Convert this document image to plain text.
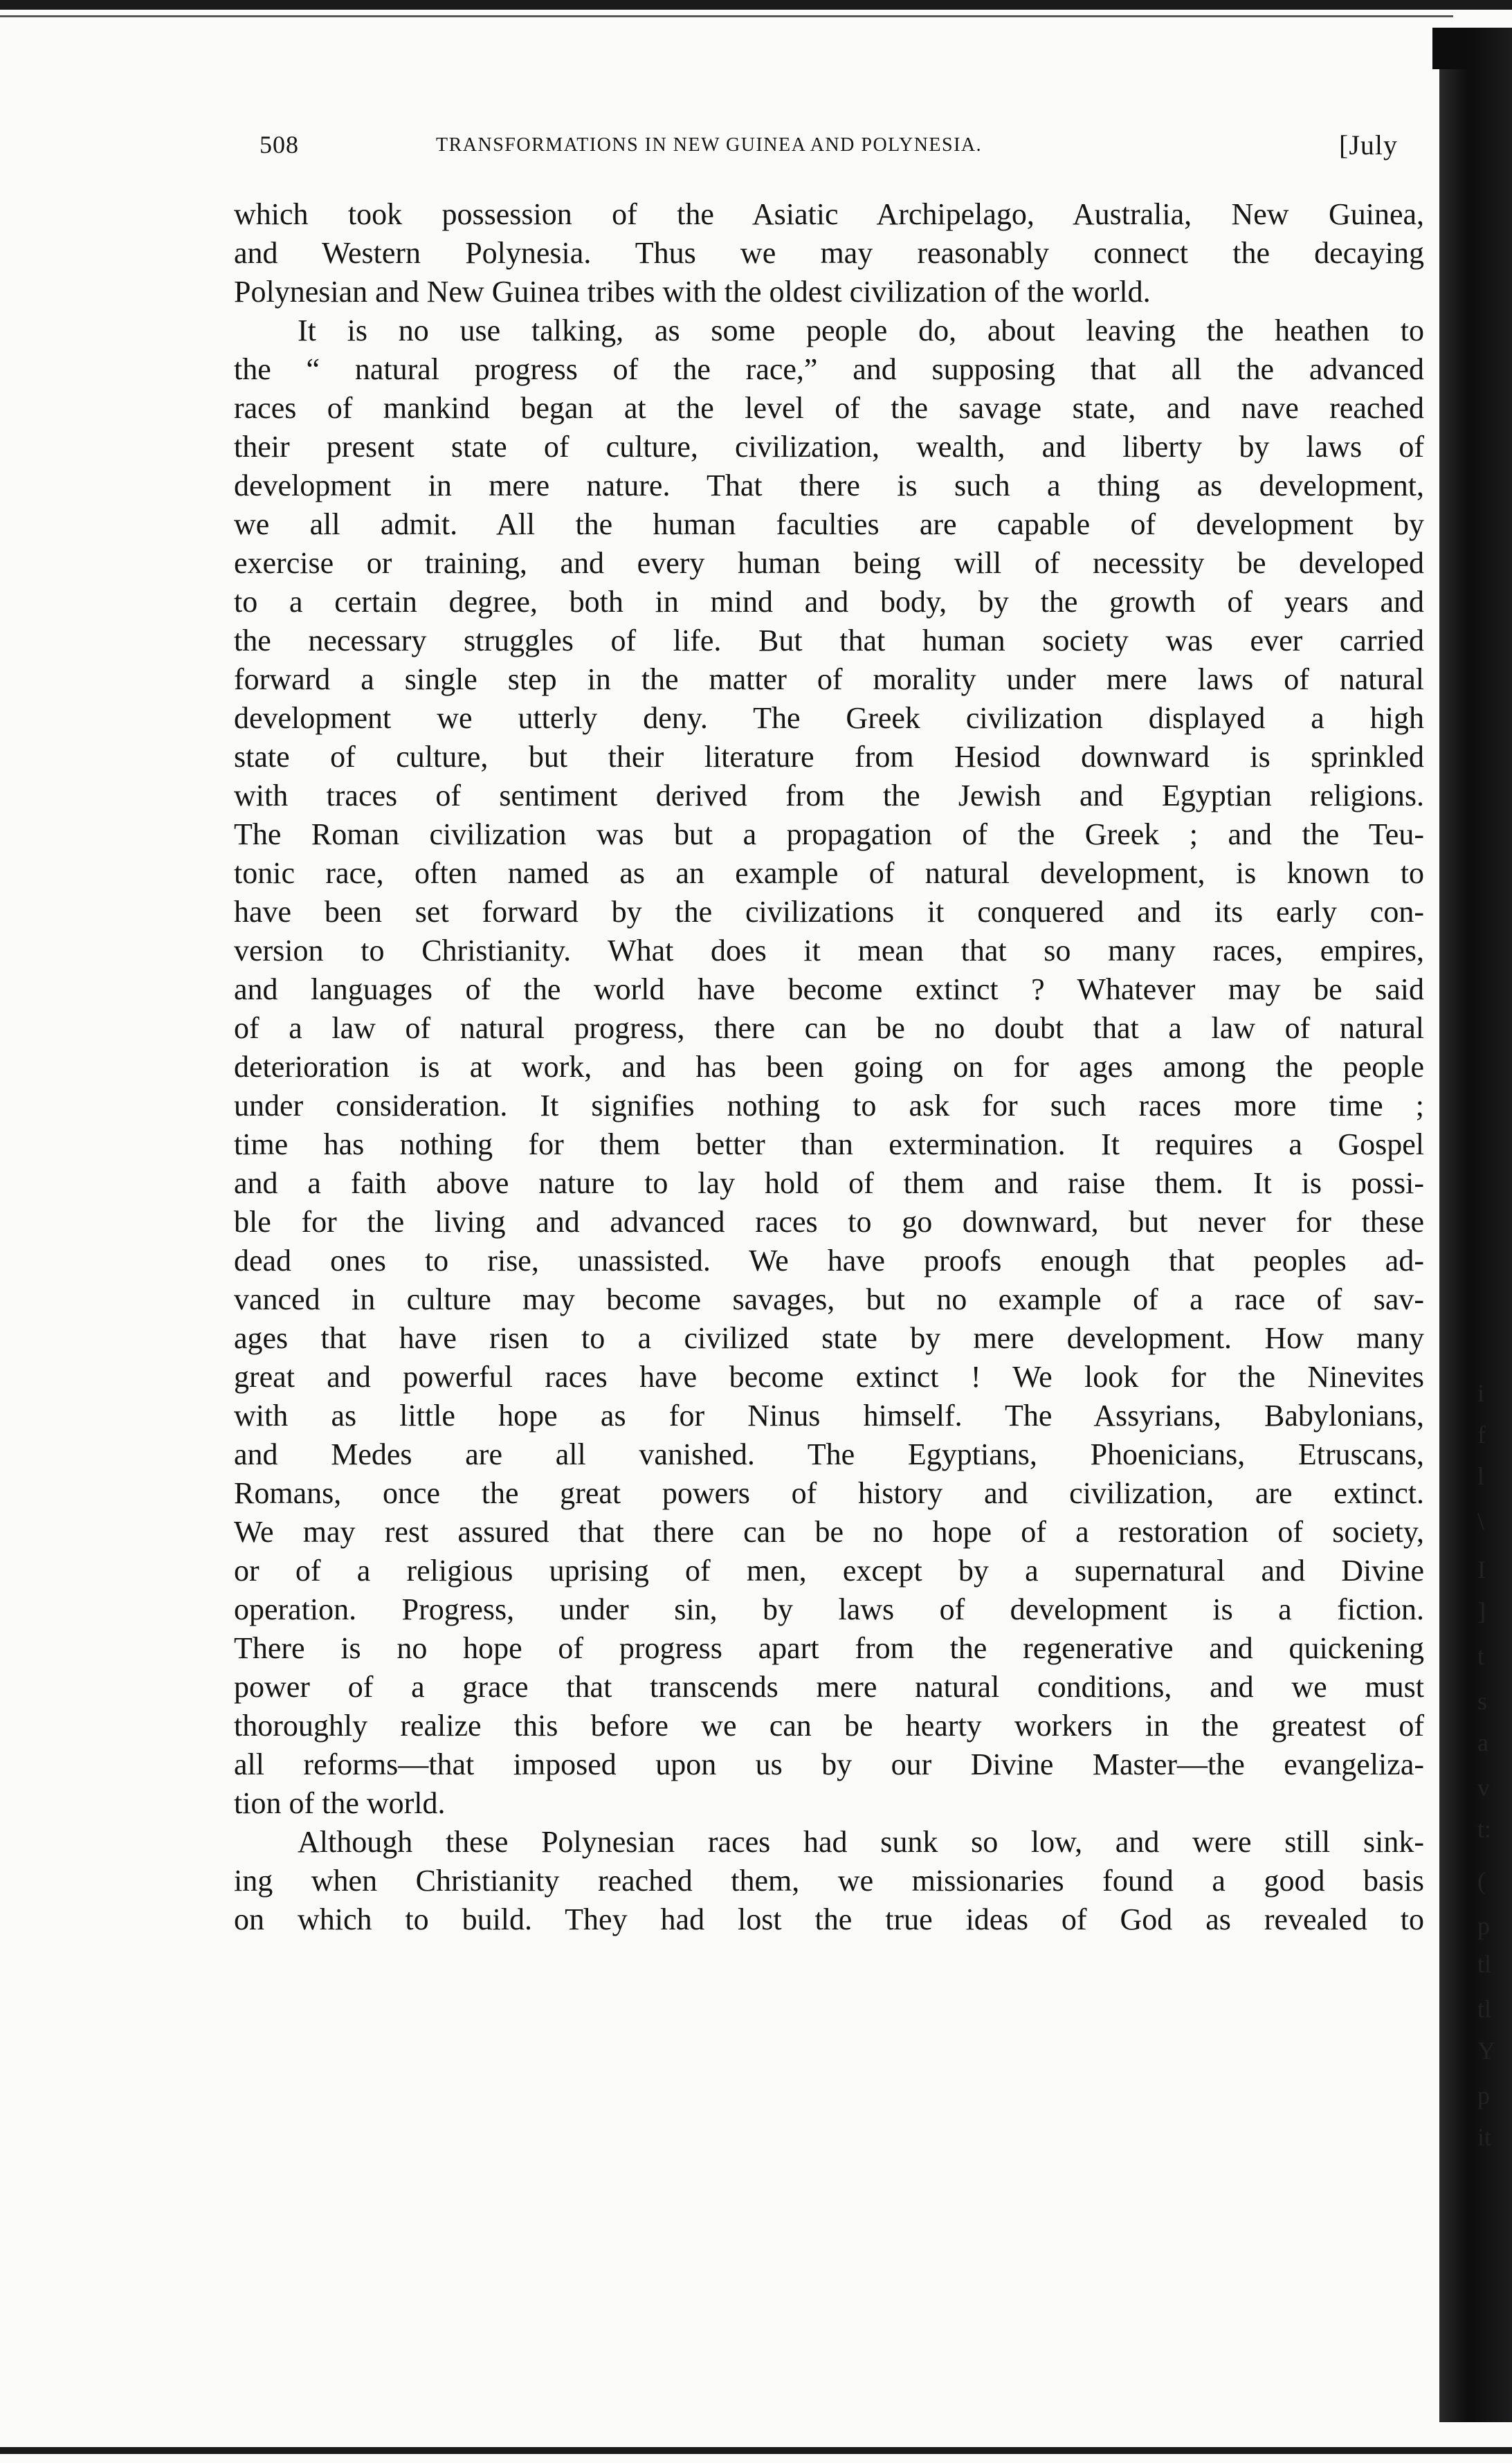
508	TRANSFORMATIONS IN NEW GUINEA AND POLYNESIA.	[July
which took possession of the Asiatic Archipelago, Australia, New Guinea,
and Western Polynesia. Thus we may reasonably connect the decaying
Polynesian and New Guinea tribes with the oldest civilization of the world.
It is no use talking, as some people do, about leaving the heathen to
the “ natural progress of the race,” and supposing that all the advanced
races of mankind began at the level of the savage state, and nave reached
their present state of culture, civilization, wealth, and liberty by laws of
development in mere nature. That there is such a thing as development,
we all admit. All the human faculties are capable of development by
exercise or training, and every human being will of necessity be developed
to a certain degree, both in mind and body, by the growth of years and
the necessary struggles of life. But that human society was ever carried
forward a single step in the matter of morality under mere laws of natural
development we utterly deny. The Greek civilization displayed a high
state of culture, but their literature from Hesiod downward is sprinkled
with traces of sentiment derived from the Jewish and Egyptian religions.
The Roman civilization was but a propagation of the Greek ; and the Teu-
tonic race, often named as an example of natural development, is known to
have been set forward by the civilizations it conquered and its early con-
version to Christianity. What does it mean that so many races, empires,
and languages of the world have become extinct ? Whatever may be said
of a law of natural progress, there can be no doubt that a law of natural
deterioration is at work, and has been going on for ages among the people
under consideration. It signifies nothing to ask for such races more time ;
time has nothing for them better than extermination. It requires a Gospel
and a faith above nature to lay hold of them and raise them. It is possi-
ble for the living and advanced races to go downward, but never for these
dead ones to rise, unassisted. We have proofs enough that peoples ad-
vanced in culture may become savages, but no example of a race of sav-
ages that have risen to a civilized state by mere development. How many
great and powerful races have become extinct ! We look for the Ninevites
with as little hope as for Ninus himself. The Assyrians, Babylonians,
and Medes are all vanished. The Egyptians, Phoenicians, Etruscans,
Romans, once the great powers of history and civilization, are extinct.
We may rest assured that there can be no hope of a restoration of society,
or of a religious uprising of men, except by a supernatural and Divine
operation. Progress, under sin, by laws of development is a fiction.
There is no hope of progress apart from the regenerative and quickening
power of a grace that transcends mere natural conditions, and we must
thoroughly realize this before we can be hearty workers in the greatest of
all reforms—that imposed upon us by our Divine Master—the evangeliza-
tion of the world.
Although these Polynesian races had sunk so low, and were still sink-
ing when Christianity reached them, we missionaries found a good basis
on which to build. They had lost the true ideas of God as revealed to
i
f
l
\
I
]
t
s
a
v
t:
(
p
tl
tl
Y
p
it
